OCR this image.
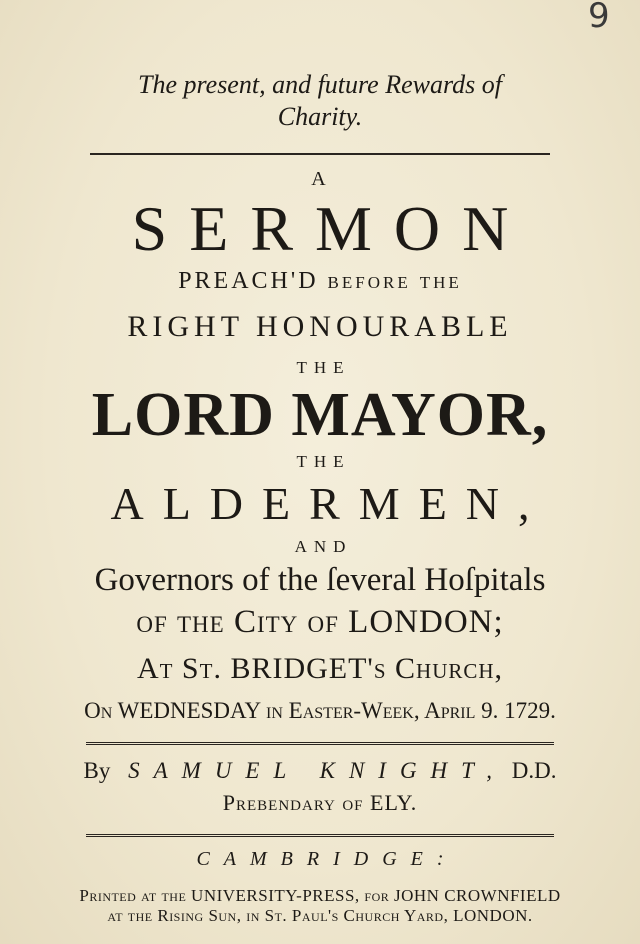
9
The present, and future Rewards of
Charity.
A
SERMON
PREACH'D before the
RIGHT HONOURABLE
THE
LORD MAYOR,
THE
ALDERMEN,
AND
Governors of the ſeveral Hoſpitals
of the City of LONDON;
At St. BRIDGET's Church,
On WEDNESDAY in Eaſter-Week, April 9. 1729.
By SAMUEL KNIGHT, D.D.
Prebendary of ELY.
CAMBRIDGE:
Printed at the UNIVERSITY-PRESS, for JOHN CROWNFIELD
at the Riſing Sun, in St. Paul's Church Yard, LONDON.
